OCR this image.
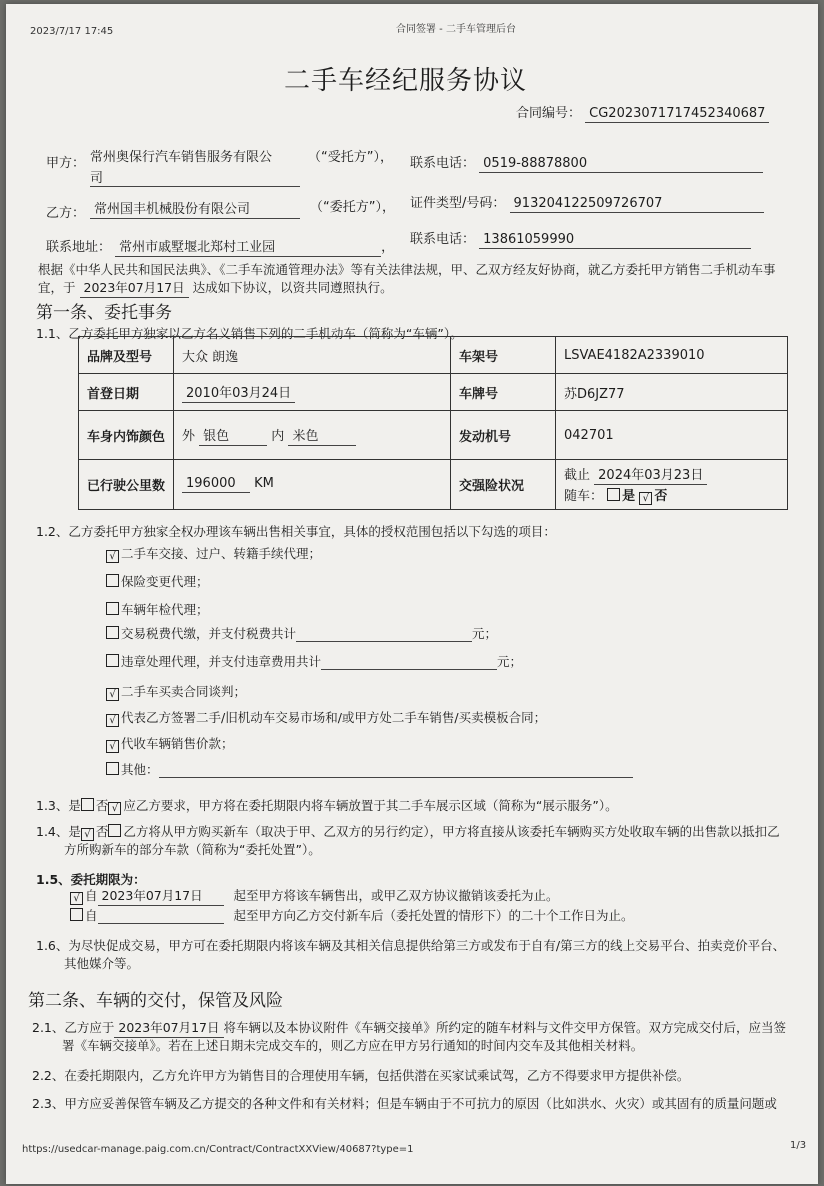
2023/7/17 17:45	合同签署 - 二手车管理后台
二手车经纪服务协议
合同编号： CG2023071717452340687
甲方： 常州奥保行汽车销售服务有限公
司
（“受托方”）， 联系电话： 0519-88878800
乙方： 常州国丰机械股份有限公司	（“委托方”）， 证件类型/号码： 913204122509726707
联系地址： 常州市戚墅堰北郑村工业园	，
联系电话： 13861059990
根据《中华人民共和国民法典》、《二手车流通管理办法》等有关法律法规，甲、乙双方经友好协商，就乙方委托甲方销售二手机动车事
宜，于 2023年07月17日 达成如下协议，以资共同遵照执行。
第一条、委托事务
1.1、乙方委托甲方独家以乙方名义销售下列的二手机动车（简称为“车辆”）。
品牌及型号	大众 朗逸	车架号	LSVAE4182A2339010
首登日期	2010年03月24日	车牌号	苏D6JZ77
车身内饰颜色	外 银色 内 米色	发动机号	042701
已行驶公里数	196000 KM	交强险状况	截止 2024年03月23日
随车： 是 √ 否
1.2、乙方委托甲方独家全权办理该车辆出售相关事宜，具体的授权范围包括以下勾选的项目：
√ 二手车交接、过户、转籍手续代理；
保险变更代理；
车辆年检代理；
交易税费代缴，并支付税费共计	元；
违章处理代理，并支付违章费用共计	元；
√ 二手车买卖合同谈判；
√ 代表乙方签署二手/旧机动车交易市场和/或甲方处二手车销售/买卖模板合同；
√ 代收车辆销售价款；
其他：
1.3、是 否 √ 应乙方要求，甲方将在委托期限内将车辆放置于其二手车展示区域（简称为“展示服务”）。
1.4、是 √ 否 乙方将从甲方购买新车（取决于甲、乙双方的另行约定），甲方将直接从该委托车辆购买方处收取车辆的出售款以抵扣乙
方所购新车的部分车款（简称为“委托处置”）。
1.5、委托期限为：
√ 自 2023年07月17日 起至甲方将该车辆售出，或甲乙双方协议撤销该委托为止。
自	起至甲方向乙方交付新车后（委托处置的情形下）的二十个工作日为止。
1.6、为尽快促成交易，甲方可在委托期限内将该车辆及其相关信息提供给第三方或发布于自有/第三方的线上交易平台、拍卖竞价平台、
其他媒介等。
第二条、车辆的交付，保管及风险
2.1、乙方应于 2023年07月17日 将车辆以及本协议附件《车辆交接单》所约定的随车材料与文件交甲方保管。双方完成交付后，应当签
署《车辆交接单》。若在上述日期未完成交车的，则乙方应在甲方另行通知的时间内交车及其他相关材料。
2.2、在委托期限内，乙方允许甲方为销售目的合理使用车辆，包括供潜在买家试乘试驾，乙方不得要求甲方提供补偿。
2.3、甲方应妥善保管车辆及乙方提交的各种文件和有关材料；但是车辆由于不可抗力的原因（比如洪水、火灾）或其固有的质量问题或
https://usedcar-manage.paig.com.cn/Contract/ContractXXView/40687?type=1	1/3
